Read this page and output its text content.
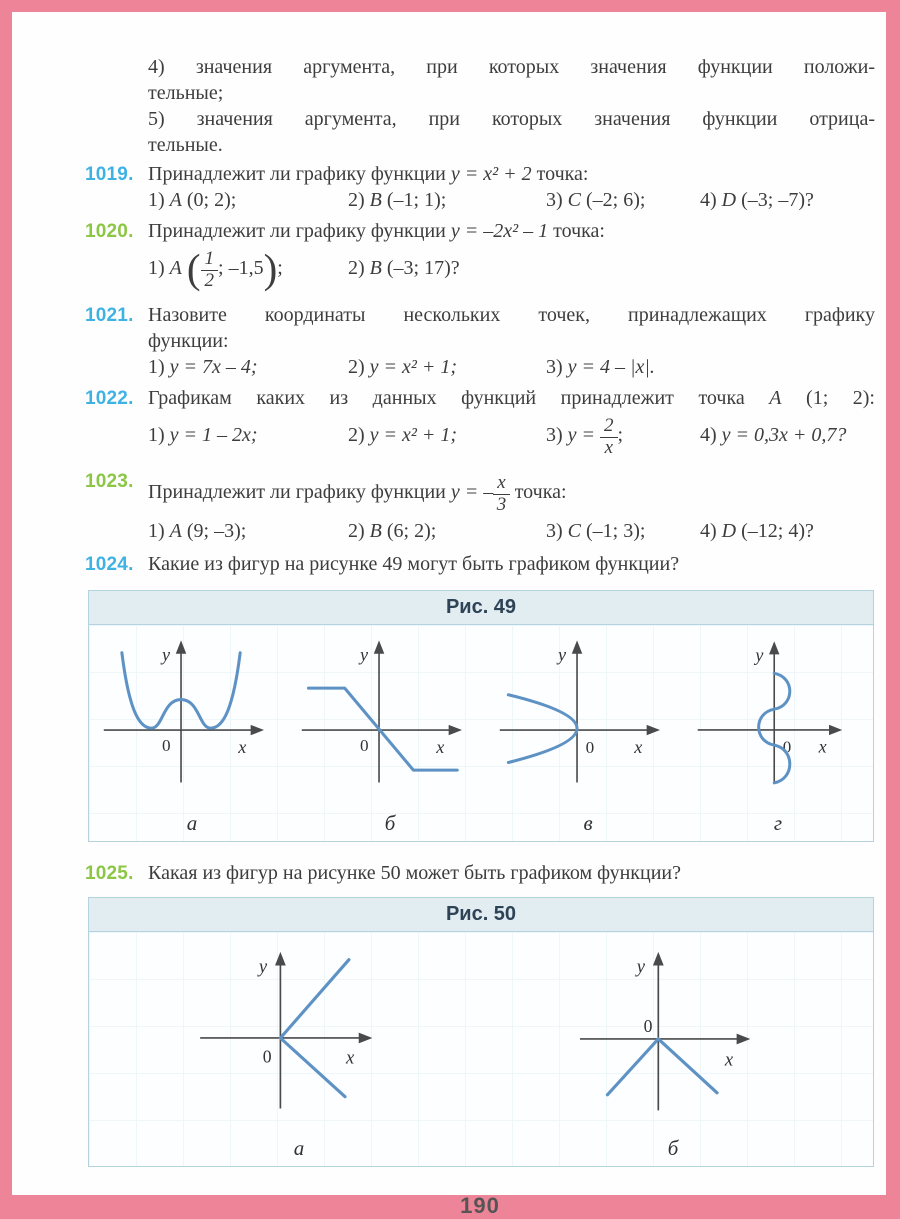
4) значения аргумента, при которых значения функции положи-
тельные;
5) значения аргумента, при которых значения функции отрица-
тельные.
1019. Принадлежит ли графику функции y = x² + 2 точка:
1) A (0; 2);	2) B (–1; 1);	3) C (–2; 6);	4) D (–3; –7)?
1020. Принадлежит ли графику функции y = –2x² – 1 точка:
1) A ( $\frac{1}{2}$ ; –1,5);	2) B (–3; 17)?
1021. Назовите координаты нескольких точек, принадлежащих графику
функции:
1) y = 7x – 4;	2) y = x² + 1;	3) y = 4 – |x|.
1022. Графикам каких из данных функций принадлежит точка A (1; 2):
1) y = 1 – 2x;	2) y = x² + 1;	3) $y = \frac{2}{x}$ ;	4) y = 0,3x + 0,7?
1023. Принадлежит ли графику функции y = – $\frac{x}{3}$ точка:
1) A (9; –3);	2) B (6; 2);	3) C (–1; 3);	4) D (–12; 4)?
1024. Какие из фигур на рисунке 49 могут быть графиком функции?
Рис. 49
y
x
0
а
y
x
0
б
y
x
0
в
y
x
0
г
1025. Какая из фигур на рисунке 50 может быть графиком функции?
Рис. 50
y
x
0
а
y
x
0
б
190
